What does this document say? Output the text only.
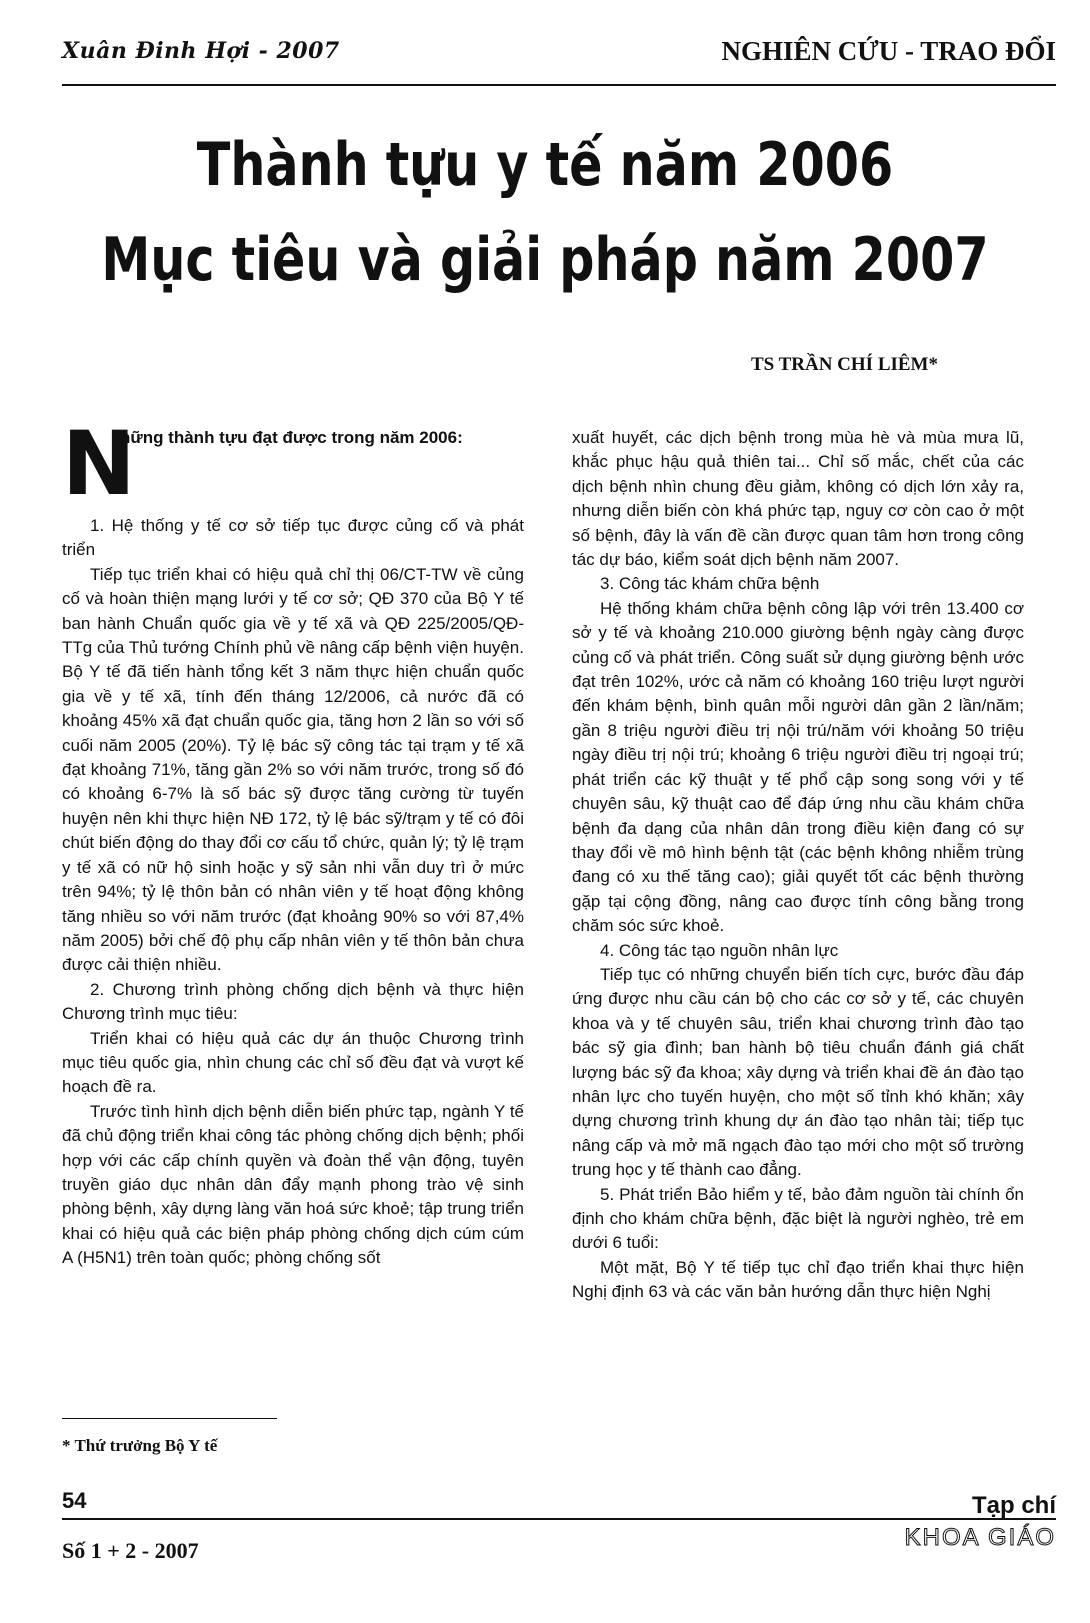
Xuân Đinh Hợi - 2007	NGHIÊN CỨU - TRAO ĐỔI
Thành tựu y tế năm 2006
Mục tiêu và giải pháp năm 2007
TS TRẦN CHÍ LIÊM*
N
hững thành tựu đạt được trong năm 2006:

1. Hệ thống y tế cơ sở tiếp tục được củng cố và phát triển

Tiếp tục triển khai có hiệu quả chỉ thị 06/CT-TW về củng cố và hoàn thiện mạng lưới y tế cơ sở; QĐ 370 của Bộ Y tế ban hành Chuẩn quốc gia về y tế xã và QĐ 225/2005/QĐ-TTg của Thủ tướng Chính phủ về nâng cấp bệnh viện huyện. Bộ Y tế đã tiến hành tổng kết 3 năm thực hiện chuẩn quốc gia về y tế xã, tính đến tháng 12/2006, cả nước đã có khoảng 45% xã đạt chuẩn quốc gia, tăng hơn 2 lần so với số cuối năm 2005 (20%). Tỷ lệ bác sỹ công tác tại trạm y tế xã đạt khoảng 71%, tăng gần 2% so với năm trước, trong số đó có khoảng 6-7% là số bác sỹ được tăng cường từ tuyến huyện nên khi thực hiện NĐ 172, tỷ lệ bác sỹ/trạm y tế có đôi chút biến động do thay đổi cơ cấu tổ chức, quản lý; tỷ lệ trạm y tế xã có nữ hộ sinh hoặc y sỹ sản nhi vẫn duy trì ở mức trên 94%; tỷ lệ thôn bản có nhân viên y tế hoạt động không tăng nhiều so với năm trước (đạt khoảng 90% so với 87,4% năm 2005) bởi chế độ phụ cấp nhân viên y tế thôn bản chưa được cải thiện nhiều.

2. Chương trình phòng chống dịch bệnh và thực hiện Chương trình mục tiêu:

Triển khai có hiệu quả các dự án thuộc Chương trình mục tiêu quốc gia, nhìn chung các chỉ số đều đạt và vượt kế hoạch đề ra.

Trước tình hình dịch bệnh diễn biến phức tạp, ngành Y tế đã chủ động triển khai công tác phòng chống dịch bệnh; phối hợp với các cấp chính quyền và đoàn thể vận động, tuyên truyền giáo dục nhân dân đẩy mạnh phong trào vệ sinh phòng bệnh, xây dựng làng văn hoá sức khoẻ; tập trung triển khai có hiệu quả các biện pháp phòng chống dịch cúm cúm A (H5N1) trên toàn quốc; phòng chống sốt

xuất huyết, các dịch bệnh trong mùa hè và mùa mưa lũ, khắc phục hậu quả thiên tai... Chỉ số mắc, chết của các dịch bệnh nhìn chung đều giảm, không có dịch lớn xảy ra, nhưng diễn biến còn khá phức tạp, nguy cơ còn cao ở một số bệnh, đây là vấn đề cần được quan tâm hơn trong công tác dự báo, kiểm soát dịch bệnh năm 2007.

3. Công tác khám chữa bệnh

Hệ thống khám chữa bệnh công lập với trên 13.400 cơ sở y tế và khoảng 210.000 giường bệnh ngày càng được củng cố và phát triển. Công suất sử dụng giường bệnh ước đạt trên 102%, ước cả năm có khoảng 160 triệu lượt người đến khám bệnh, bình quân mỗi người dân gần 2 lần/năm; gần 8 triệu người điều trị nội trú/năm với khoảng 50 triệu ngày điều trị nội trú; khoảng 6 triệu người điều trị ngoại trú; phát triển các kỹ thuật y tế phổ cập song song với y tế chuyên sâu, kỹ thuật cao để đáp ứng nhu cầu khám chữa bệnh đa dạng của nhân dân trong điều kiện đang có sự thay đổi về mô hình bệnh tật (các bệnh không nhiễm trùng đang có xu thế tăng cao); giải quyết tốt các bệnh thường gặp tại cộng đồng, nâng cao được tính công bằng trong chăm sóc sức khoẻ.

4. Công tác tạo nguồn nhân lực

Tiếp tục có những chuyển biến tích cực, bước đầu đáp ứng được nhu cầu cán bộ cho các cơ sở y tế, các chuyên khoa và y tế chuyên sâu, triển khai chương trình đào tạo bác sỹ gia đình; ban hành bộ tiêu chuẩn đánh giá chất lượng bác sỹ đa khoa; xây dựng và triển khai đề án đào tạo nhân lực cho tuyến huyện, cho một số tỉnh khó khăn; xây dựng chương trình khung dự án đào tạo nhân tài; tiếp tục nâng cấp và mở mã ngạch đào tạo mới cho một số trường trung học y tế thành cao đẳng.

5. Phát triển Bảo hiểm y tế, bảo đảm nguồn tài chính ổn định cho khám chữa bệnh, đặc biệt là người nghèo, trẻ em dưới 6 tuổi:

Một mặt, Bộ Y tế tiếp tục chỉ đạo triển khai thực hiện Nghị định 63 và các văn bản hướng dẫn thực hiện Nghị

* Thứ trưởng Bộ Y tế
54
Số 1 + 2 - 2007
Tạp chí
KHOA GIÁO
